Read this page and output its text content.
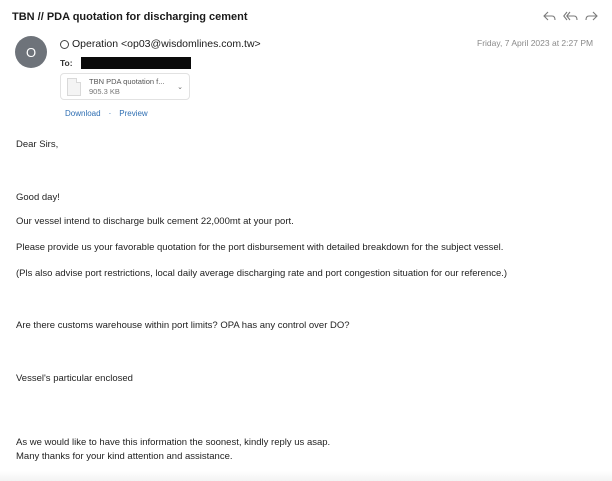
TBN // PDA quotation for discharging cement
O
Operation <op03@wisdomlines.com.tw>	Friday, 7 April 2023 at 2:27 PM
To:
TBN PDA quotation f...
905.3 KB	⌄
Download · Preview
Dear Sirs,
Good day!
Our vessel intend to discharge bulk cement 22,000mt at your port.
Please provide us your favorable quotation for the port disbursement with detailed breakdown for the subject vessel.
(Pls also advise port restrictions, local daily average discharging rate and port congestion situation for our reference.)
Are there customs warehouse within port limits? OPA has any control over DO?
Vessel's particular enclosed
As we would like to have this information the soonest, kindly reply us asap.
Many thanks for your kind attention and assistance.
